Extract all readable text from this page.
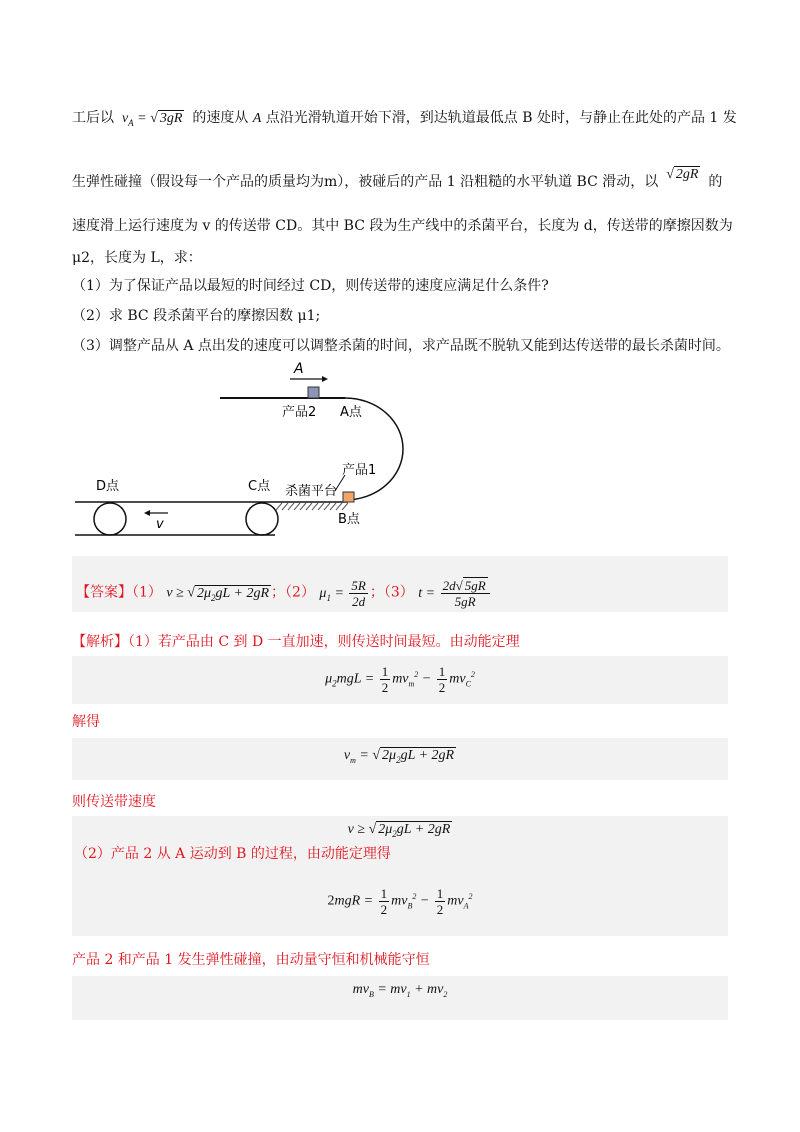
工后以  $v_A$ = √ 3gR 的速度从 A 点沿光滑轨道开始下滑，到达轨道最低点 B 处时，与静止在此处的产品 1 发
生弹性碰撞（假设每一个产品的质量均为m），被碰后的产品 1 沿粗糙的水平轨道 BC 滑动，以 √ 2gR 的
速度滑上运行速度为 v 的传送带 CD。其中 BC 段为生产线中的杀菌平台，长度为 d，传送带的摩擦因数为
μ2，长度为 L，求：
（1）为了保证产品以最短的时间经过 CD，则传送带的速度应满足什么条件?
（2）求 BC 段杀菌平台的摩擦因数 μ1;
（3）调整产品从 A 点出发的速度可以调整杀菌的时间，求产品既不脱轨又能到达传送带的最长杀菌时间。
A
产品2 A点
产品1
杀菌平台
B点
D点	C点
v
【答案】（1） v ≥ √ $2\mu_2gL + 2gR$ ；（2） $\mu_1 = \frac{5R}{2d}$ ；（3） $t = \frac{2d√ 5gR}{5gR}$
【解析】（1）若产品由 C 到 D 一直加速，则传送时间最短。由动能定理
$\mu_2mgL = \frac{1}{2} mv_m^2 - \frac{1}{2} mv_C^2$
解得
$v_m$ = √ $2\mu_2gL + 2gR$
则传送带速度
v ≥ √ $2\mu_2gL + 2gR$
（2）产品 2 从 A 运动到 B 的过程，由动能定理得
$2mgR = \frac{1}{2} mv_B^2 - \frac{1}{2} mv_A^2$
产品 2 和产品 1 发生弹性碰撞，由动量守恒和机械能守恒
$mv_B = mv_1 + mv_2$
